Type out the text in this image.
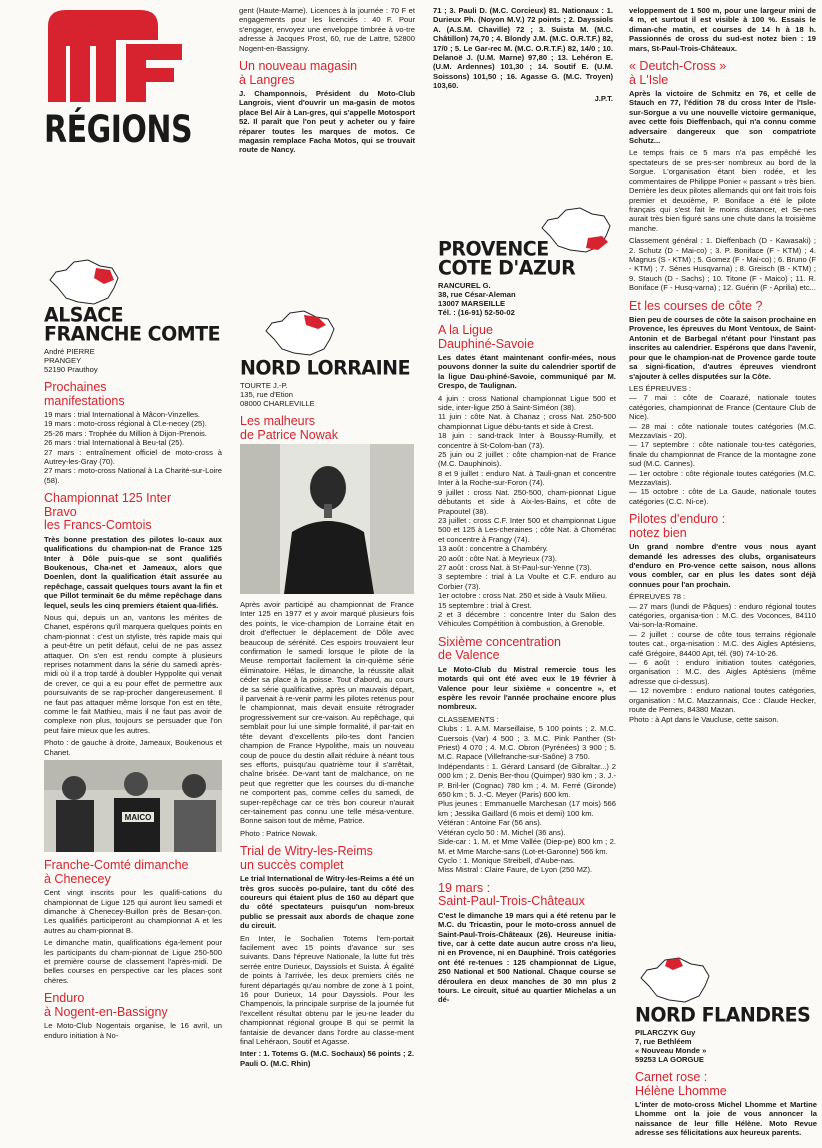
RÉGIONS
ALSACE
FRANCHE COMTE
André PIERRE
PRANGEY
52190 Prauthoy
Prochaines
manifestations

19 mars : trial International à Mâcon-Vinzelles.
19 mars : moto-cross régional à Cl.e-necey (25).
25-26 mars : Trophée du Million à Dijon-Prenois.
26 mars : trial International à Beu-tal (25).
27 mars : entraînement officiel de moto-cross à Autrey-les-Gray (70).
27 mars : moto-cross National à La Charité-sur-Loire (58).

Championnat 125 Inter
Bravo
les Francs-Comtois

Très bonne prestation des pilotes lo-caux aux qualifications du champion-nat de France 125 Inter à Dôle puis-que se sont qualifiés Boukenous, Cha-net et Jameaux, alors que Doenlen, dont la qualification était assurée au repêchage, cassait quelques tours avant la fin et que Pillot terminait 6e du même repêchage dans lequel, seuls les cinq premiers étaient qua-lifiés.

Nous qui, depuis un an, vantons les mérites de Chanet, espérons qu'il marquera quelques points en cham-pionnat : c'est un styliste, très rapide mais qui a peut-être un petit défaut, celui de ne pas assez attaquer. On s'en est rendu compte à plusieurs reprises notamment dans la série du samedi après-midi où il a trop tardé à doubler Hyppolite qui venait de crever, ce qui a eu pour effet de permettre aux poursuivants de se rap-procher dangereusement. Il ne faut pas attaquer même lorsque l'on est en tête, comme le fait Mathieu, mais il ne faut pas avoir de complexe non plus, toujours se persuader que l'on peut faire mieux que les autres.

Photo : de gauche à droite, Jameaux, Boukenous et Chanet.

MAICO
Franche-Comté dimanche
à Chenecey

Cent vingt inscrits pour les qualifi-cations du championnat de Ligue 125 qui auront lieu samedi et dimanche à Chenecey-Buillon près de Besan-çon. Les qualifiés participeront au championnat A et les autres au cham-pionnat B.

Le dimanche matin, qualifications éga-lement pour les participants du cham-pionnat de Ligue 250-500 et première course de classement l'après-midi. De belles courses en perspective car les places sont chères.

Enduro
à Nogent-en-Bassigny

Le Moto-Club Nogentais organise, le 16 avril, un enduro initiation à No-

gent (Haute-Marne). Licences à la journée : 70 F et engagements pour les licenciés : 40 F. Pour s'engager, envoyez une enveloppe timbrée à vo-tre adresse à Jacques Prost, 60, rue de Lattre, 52800 Nogent-en-Bassigny.

Un nouveau magasin
à Langres

J. Champonnois, Président du Moto-Club Langrois, vient d'ouvrir un ma-gasin de motos place Bel Air à Lan-gres, qui s'appelle Motosport 52. Il paraît que l'on peut y acheter ou y faire réparer toutes les marques de motos. Ce magasin remplace Facha Motos, qui se trouvait route de Nancy.

NORD LORRAINE
TOURTE J.-P.
135, rue d'Etion
08000 CHARLEVILLE
Les malheurs
de Patrice Nowak

Après avoir participé au championnat de France Inter 125 en 1977 et y avoir marqué plusieurs fois des points, le vice-champion de Lorraine était en droit d'effectuer le déplacement de Dôle avec beaucoup de sérénité. Ces espoirs trouvaient leur confirmation le samedi lorsque le pilote de la Meuse remportait facilement la cin-quième série éliminatoire. Hélas, le dimanche, la réussite allait céder sa place à la poisse. Tout d'abord, au cours de sa série qualificative, après un mauvais départ, il parvenait à re-venir parmi les pilotes retenus pour le championnat, mais devait ensuite rétrograder progressivement sur cre-vaison. Au repêchage, qui semblait pour lui une simple formalité, il par-tait en tête devant d'excellents pilo-tes dont l'ancien champion de France Hypolithe, mais un nouveau coup de pouce du destin allait réduire à néant tous ses efforts, puisqu'au quatrième tour il s'arrêtait, chaîne brisée. De-vant tant de malchance, on ne peut que regretter que les courses du di-manche ne comportent pas, comme celles du samedi, de super-repêchage car ce très bon coureur n'aurait cer-tainement pas connu une telle mésa-venture. Bonne saison tout de même, Patrice.

Photo : Patrice Nowak.

Trial de Witry-les-Reims
un succès complet

Le trial International de Witry-les-Reims a été un très gros succès po-pulaire, tant du côté des coureurs qui étaient plus de 160 au départ que du côté spectateurs puisqu'un nom-breux public se pressait aux abords de chaque zone du circuit.

En Inter, le Sochalien Totems l'em-portait facilement avec 15 points d'avance sur ses suivants. Dans l'épreuve Nationale, la lutte fut très serrée entre Durieux, Dayssiols et Suista. À égalité de points à l'arrivée, les deux premiers cités ne furent départagés qu'au nombre de zone à 1 point, 16 pour Durieux, 14 pour Dayssiols. Pour les Champenois, la principale surprise de la journée fut l'excellent résultat obtenu par le jeu-ne leader du championnat régional groupe B qui se permit la fantaisie de devancer dans l'ordre au classe-ment final Lehéraon, Soutif et Agasse.

Inter : 1. Totems G. (M.C. Sochaux) 56 points ; 2. Pauli O. (M.C. Rhin)

71 ; 3. Pauli D. (M.C. Corcieux) 81. Nationaux : 1. Durieux Ph. (Noyon M.V.) 72 points ; 2. Dayssiols A. (A.S.M. Chaville) 72 ; 3. Suista M. (M.C. Châtillon) 74,70 ; 4. Blondy J.M. (M.C. O.R.T.F.) 82, 17/0 ; 5. Le Gar-rec M. (M.C. O.R.T.F.) 82, 14/0 ; 10. Delanoë J. (U.M. Marne) 97,80 ; 13. Lehéron E. (U.M. Ardennes) 101,30 ; 14. Soutif E. (U.M. Soissons) 101,50 ; 16. Agasse G. (M.C. Troyen) 103,60.

J.P.T.
PROVENCE
COTE D'AZUR
RANCUREL G.
38, rue César-Aleman
13007 MARSEILLE
Tél. : (16-91) 52-50-02
A la Ligue
Dauphiné-Savoie

Les dates étant maintenant confir-mées, nous pouvons donner la suite du calendrier sportif de la ligue Dau-phiné-Savoie, communiqué par M. Crespo, de Taulignan.

4 juin : cross National championnat Ligue 500 et side, inter-ligue 250 à Saint-Siméon (38).
11 juin : côte Nat. à Chanaz ; cross Nat. 250-500 championnat Ligue débu-tants et side à Crest.
18 juin : sand-track Inter à Boussy-Rumilly, et concentre à St-Colom-ban (73).
25 juin ou 2 juillet : côte champion-nat de France (M.C. Dauphinois).
8 et 9 juillet : enduro Nat. à Tauli-gnan et concentre Inter à la Roche-sur-Foron (74).
9 juillet : cross Nat. 250-500, cham-pionnat Ligue débutants et side à Aix-les-Bains, et côte de Prapoutel (38).
23 juillet : cross C.F. Inter 500 et championnat Ligue 500 et 125 à Les-cheraines ; côte Nat. à Chomérac et concentre à Frangy (74).
13 août : concentre à Chambéry.
20 août : côte Nat. à Meyrieux (73).
27 août : cross Nat. à St-Paul-sur-Yenne (73).
3 septembre : trial à La Voulte et C.F. enduro au Corbier (73).
1er octobre : cross Nat. 250 et side à Vaulx Milieu.
15 septembre : trial à Crest.
2 et 3 décembre : concentre Inter du Salon des Véhicules Compétition à combustion, à Grenoble.

Sixième concentration
de Valence

Le Moto-Club du Mistral remercie tous les motards qui ont été avec eux le 19 février à Valence pour leur sixième « concentre », et espère les revoir l'année prochaine encore plus nombreux.

CLASSEMENTS :
Clubs : 1. A.M. Marseillaise, 5 100 points ; 2. M.C. Cuersois (Var) 4 500 ; 3. M.C. Pink Panther (St-Priest) 4 070 ; 4. M.C. Obron (Pyrénées) 3 900 ; 5. M.C. Rapace (Villefranche-sur-Saône) 3 750.
Indépendants : 1. Gérard Lansard (de Gibraltar...) 2 000 km ; 2. Denis Ber-thou (Quimper) 930 km ; 3. J.-P. Bril-ler (Cognac) 780 km ; 4. M. Ferré (Gironde) 650 km ; 5. J.-C. Meyer (Paris) 600 km.
Plus jeunes : Emmanuelle Marchesan (17 mois) 566 km ; Jessika Gaillard (6 mois et demi) 100 km.
Vétéran : Antoine Far (56 ans).
Vétéran cyclo 50 : M. Michel (36 ans).
Side-car : 1. M. et Mme Vallée (Diep-pe) 800 km ; 2. M. et Mme Marche-sans (Lot-et-Garonne) 566 km.
Cyclo : 1. Monique Streibell, d'Aube-nas.
Miss Mistral : Claire Faure, de Lyon (250 MZ).

19 mars :
Saint-Paul-Trois-Châteaux

C'est le dimanche 19 mars qui a été retenu par le M.C. du Tricastin, pour le moto-cross annuel de Saint-Paul-Trois-Châteaux (26). Heureuse initia-tive, car à cette date aucun autre cross n'a lieu, ni en Provence, ni en Dauphiné. Trois catégories ont été re-tenues : 125 championnat de Ligue, 250 National et 500 National. Chaque course se déroulera en deux manches de 30 mn plus 2 tours. Le circuit, situé au quartier Michelas a un dé-

veloppement de 1 500 m, pour une largeur mini de 4 m, et surtout il est visible à 100 %. Essais le diman-che matin, et courses de 14 h à 18 h. Passionnés de cross du sud-est notez bien : 19 mars, St-Paul-Trois-Châteaux.

« Deutch-Cross »
à L'Isle

Après la victoire de Schmitz en 76, et celle de Stauch en 77, l'édition 78 du cross Inter de l'Isle-sur-Sorgue a vu une nouvelle victoire germanique, avec cette fois Dieffenbach, qui n'a connu comme adversaire dangereux que son compatriote Schutz...

Le temps frais ce 5 mars n'a pas empêché les spectateurs de se pres-ser nombreux au bord de la Sorgue. L'organisation étant bien rodée, et les commentaires de Philippe Ponier « passant » très bien. Derrière les deux pilotes allemands qui ont fait trois fois premier et deuxième, P. Boniface a été le pilote français qui s'est fait le moins distancer, et Se-nes aurait très bien figuré sans une chute dans la troisième manche.

Classement général : 1. Dieffenbach (D - Kawasaki) ; 2. Schutz (D - Mai-co) ; 3. P. Boniface (F - KTM) ; 4. Magnus (S - KTM) ; 5. Gomez (F - Mai-co) ; 6. Bruno (F - KTM) ; 7. Sénes Husqvarna) ; 8. Greisch (B - KTM) ; 9. Stauch (D - Sachs) ; 10. Titone (F - Maico) ; 11. R. Boniface (F - Husq-varna) ; 12. Guérin (F - Aprilia) etc...

Et les courses de côte ?

Bien peu de courses de côte la saison prochaine en Provence, les épreuves du Mont Ventoux, de Saint-Antonin et de Barbegal n'étant pour l'instant pas inscrites au calendrier. Espérons que dans l'avenir, pour que le champion-nat de Provence garde toute sa signi-fication, d'autres épreuves viendront s'ajouter à celles disputées sur la Côte.

LES ÉPREUVES :
— 7 mai : côte de Coarazé, nationale toutes catégories, championnat de France (Centaure Club de Nice).
— 28 mai : côte nationale toutes catégories (M.C. Mezzavïais - 20).
— 17 septembre : côte nationale tou-tes catégories, finale du championnat de France de la montagne zone sud (M.C. Cannes).
— 1er octobre : côte régionale toutes catégories (M.C. Mezzavïais).
— 15 octobre : côte de La Gaude, nationale toutes catégories (C.C. Ni-ce).

Pilotes d'enduro :
notez bien

Un grand nombre d'entre vous nous ayant demandé les adresses des clubs, organisateurs d'enduro en Pro-vence cette saison, nous allons vous combler, car en plus les dates sont déjà connues pour l'an prochain.

ÉPREUVES 78 :
— 27 mars (lundi de Pâques) : enduro régional toutes catégories, organisa-tion : M.C. des Voconces, 84110 Vai-son-la-Romaine.
— 2 juillet : course de côte tous terrains régionale toutes cat., orga-nisation : M.C. des Aigles Aptésiens, café Grégoire, 84400 Apt, tél. (90) 74-10-26.
— 6 août : enduro initiation toutes catégories, organisation : M.C. des Aigles Aptésiens (même adresse que ci-dessus).
— 12 novembre : enduro national toutes catégories, organisation : M.C. Mazzannais, Cce : Claude Hecker, route de Pernes, 84380 Mazan.
Photo : à Apt dans le Vaucluse, cette saison.

NORD FLANDRES
PILARCZYK Guy
7, rue Bethléem
« Nouveau Monde »
59253 LA GORGUE
Carnet rose :
Hélène Lhomme

L'inter de moto-cross Michel Lhomme et Martine Lhomme ont la joie de vous annoncer la naissance de leur fille Hélène. Moto Revue adresse ses félicitations aux heureux parents.
